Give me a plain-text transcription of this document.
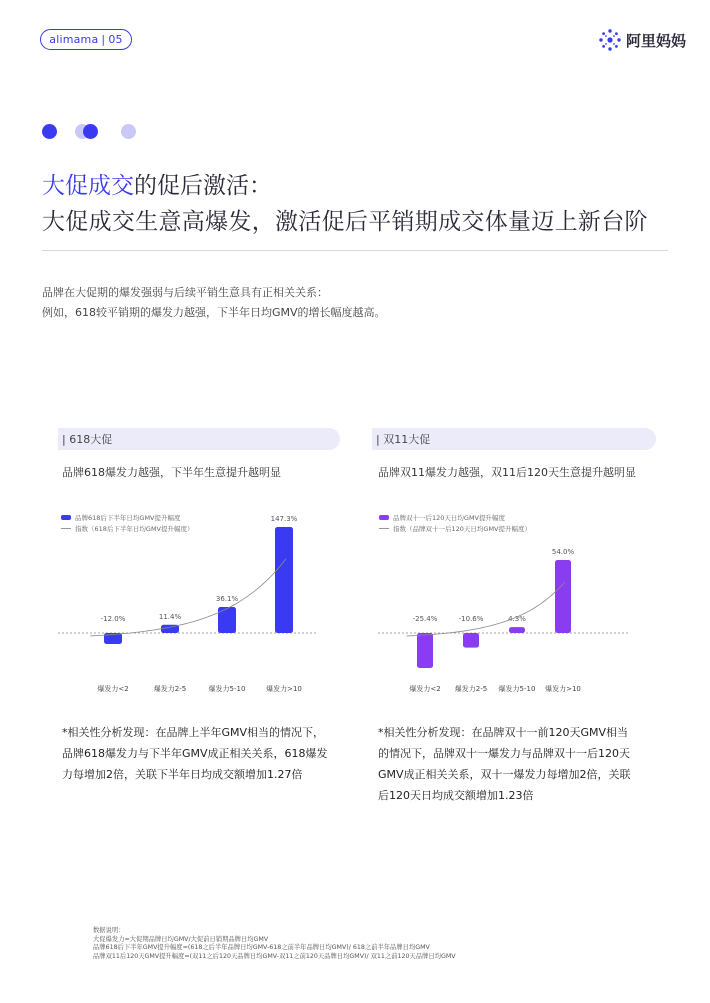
alimama | 05	阿里妈妈
大促成交的促后激活：
大促成交生意高爆发，激活促后平销期成交体量迈上新台阶
品牌在大促期的爆发强弱与后续平销生意具有正相关关系：
例如，618较平销期的爆发力越强，下半年日均GMV的增长幅度越高。
| 618大促
品牌618爆发力越强，下半年生意提升越明显
品牌618后下半年日均GMV提升幅度
指数（618后下半年日均GMV提升幅度）
-12.0%
爆发力<2
11.4%
爆发力2-5
36.1%
爆发力5-10
147.3%
爆发力>10
*相关性分析发现：在品牌上半年GMV相当的情况下，
品牌618爆发力与下半年GMV成正相关关系，618爆发
力每增加2倍，关联下半年日均成交额增加1.27倍
| 双11大促
品牌双11爆发力越强，双11后120天生意提升越明显
品牌双十一后120天日均GMV提升幅度
指数（品牌双十一后120天日均GMV提升幅度）
-25.4%
爆发力<2
-10.6%
爆发力2-5
4.3%
爆发力5-10
54.0%
爆发力>10
*相关性分析发现：在品牌双十一前120天GMV相当
的情况下，品牌双十一爆发力与品牌双十一后120天
GMV成正相关关系，双十一爆发力每增加2倍，关联
后120天日均成交额增加1.23倍
数据说明：
大促爆发力=大促期品牌日均GMV/大促前日销期品牌日均GMV
品牌618后下半年GMV提升幅度=(618之后半年品牌日均GMV-618之前半年品牌日均GMV)/ 618之前半年品牌日均GMV
品牌双11后120天GMV提升幅度=(双11之后120天品牌日均GMV-双11之前120天品牌日均GMV)/ 双11之前120天品牌日均GMV
